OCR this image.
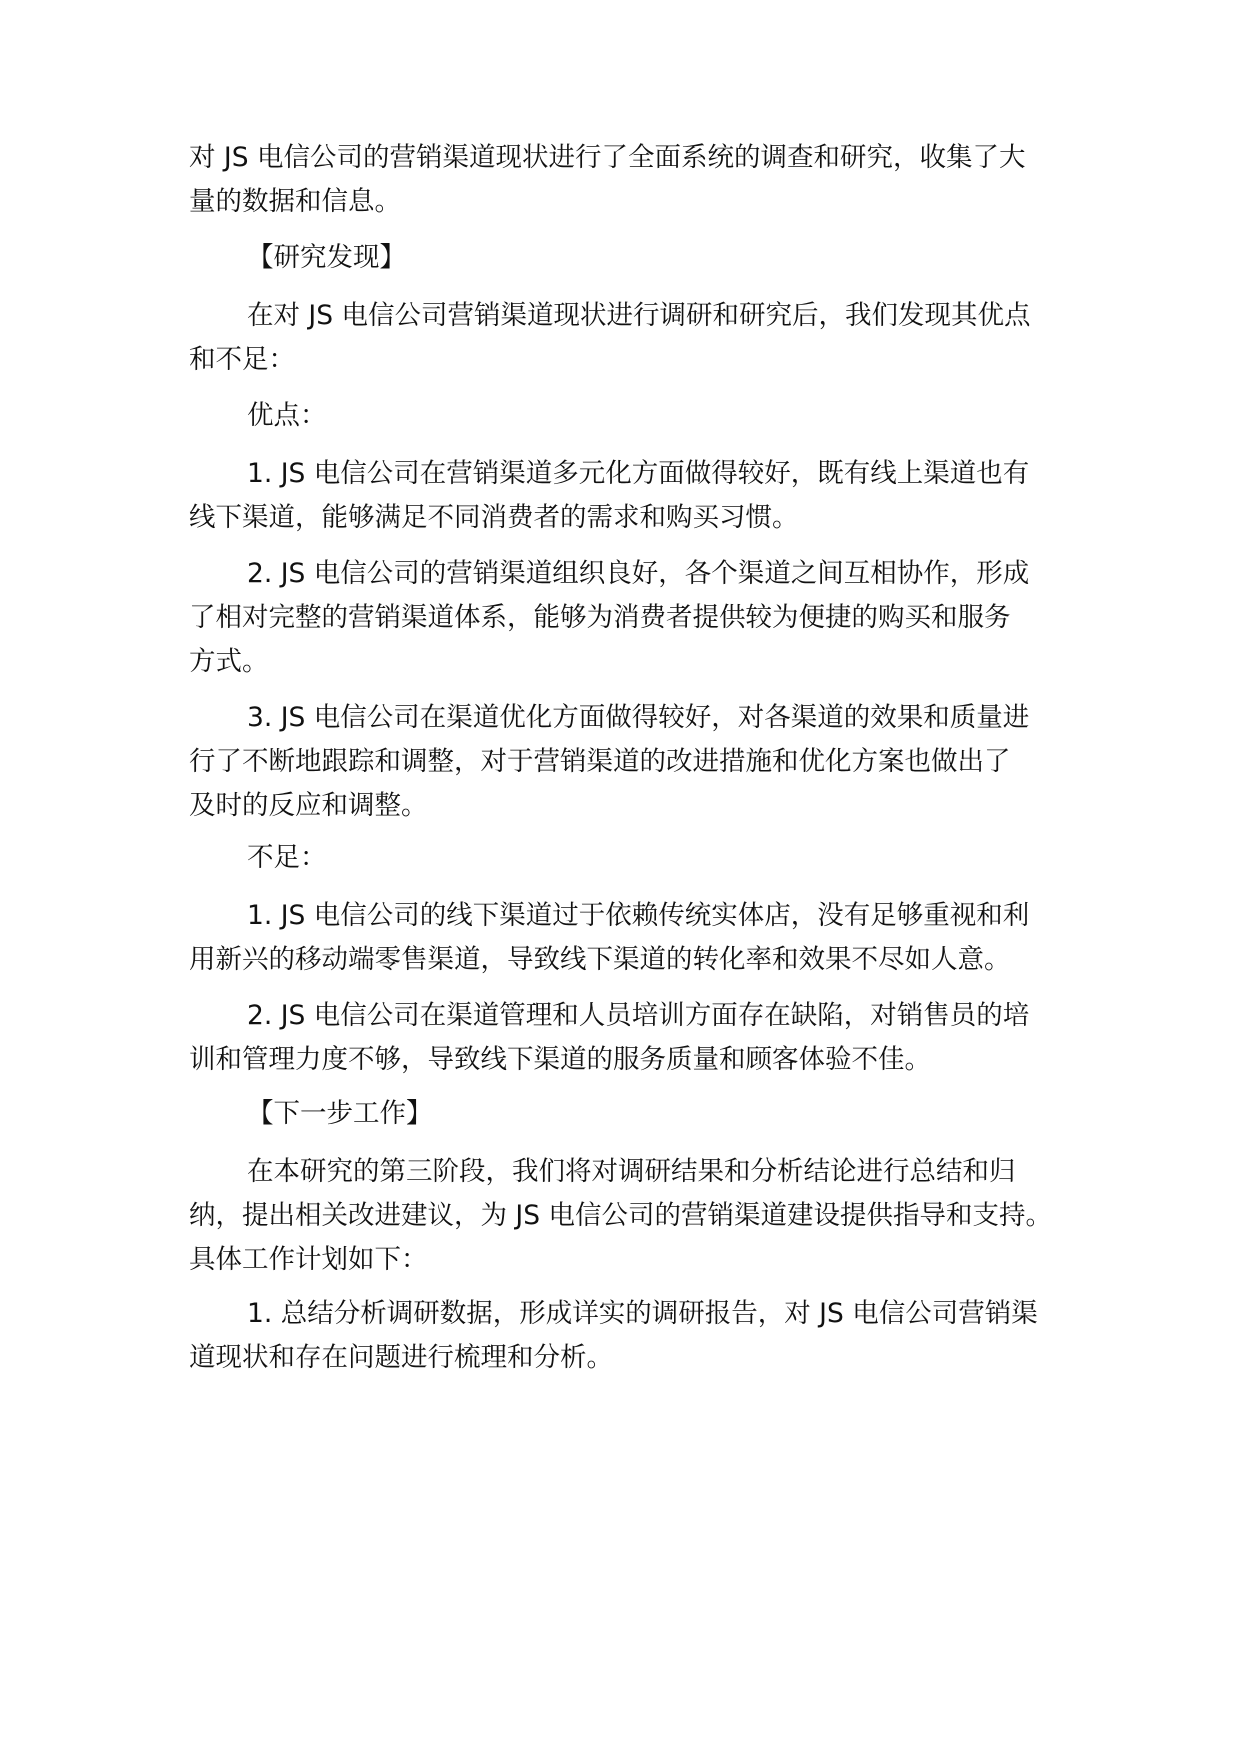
对 JS 电信公司的营销渠道现状进行了全面系统的调查和研究，收集了大
量的数据和信息。
【研究发现】
在对 JS 电信公司营销渠道现状进行调研和研究后，我们发现其优点
和不足：
优点：
1. JS 电信公司在营销渠道多元化方面做得较好，既有线上渠道也有
线下渠道，能够满足不同消费者的需求和购买习惯。
2. JS 电信公司的营销渠道组织良好，各个渠道之间互相协作，形成
了相对完整的营销渠道体系，能够为消费者提供较为便捷的购买和服务
方式。
3. JS 电信公司在渠道优化方面做得较好，对各渠道的效果和质量进
行了不断地跟踪和调整，对于营销渠道的改进措施和优化方案也做出了
及时的反应和调整。
不足：
1. JS 电信公司的线下渠道过于依赖传统实体店，没有足够重视和利
用新兴的移动端零售渠道，导致线下渠道的转化率和效果不尽如人意。
2. JS 电信公司在渠道管理和人员培训方面存在缺陷，对销售员的培
训和管理力度不够，导致线下渠道的服务质量和顾客体验不佳。
【下一步工作】
在本研究的第三阶段，我们将对调研结果和分析结论进行总结和归
纳，提出相关改进建议，为 JS 电信公司的营销渠道建设提供指导和支持。
具体工作计划如下：
1. 总结分析调研数据，形成详实的调研报告，对 JS 电信公司营销渠
道现状和存在问题进行梳理和分析。
